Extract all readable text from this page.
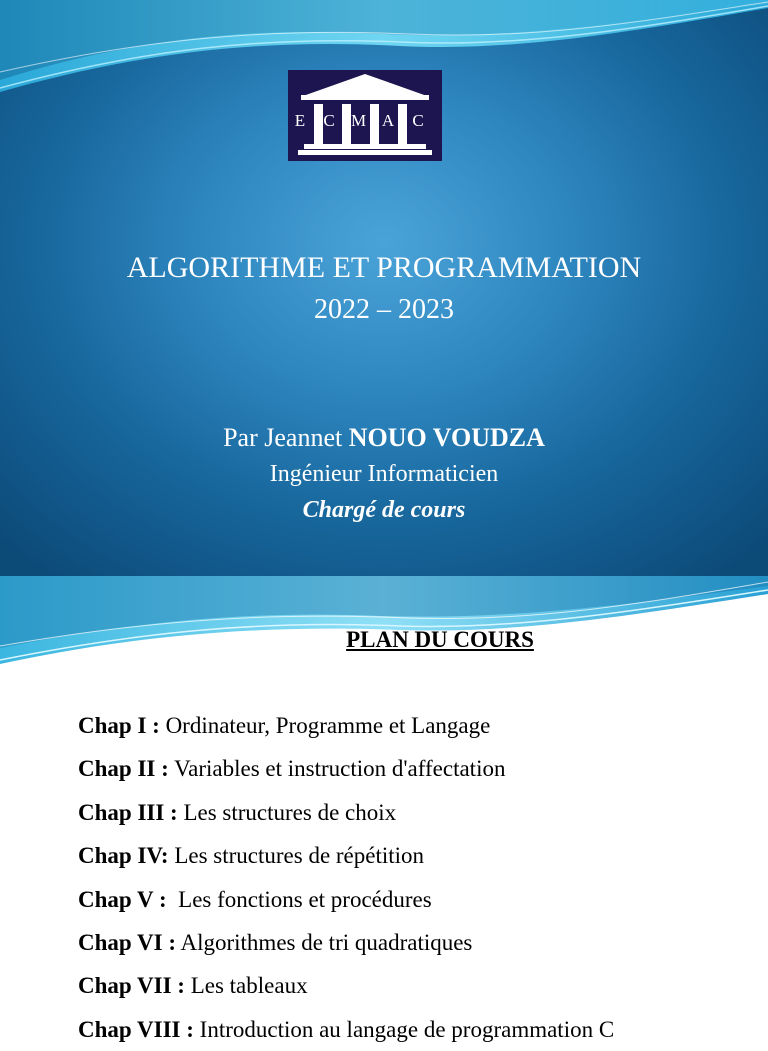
E C M A C
ALGORITHME ET PROGRAMMATION
2022 – 2023
Par Jeannet NOUO VOUDZA
Ingénieur Informaticien
Chargé de cours
PLAN DU COURS
Chap I : Ordinateur, Programme et Langage
Chap II : Variables et instruction d'affectation
Chap III : Les structures de choix
Chap IV: Les structures de répétition
Chap V :  Les fonctions et procédures
Chap VI : Algorithmes de tri quadratiques
Chap VII : Les tableaux
Chap VIII : Introduction au langage de programmation C
